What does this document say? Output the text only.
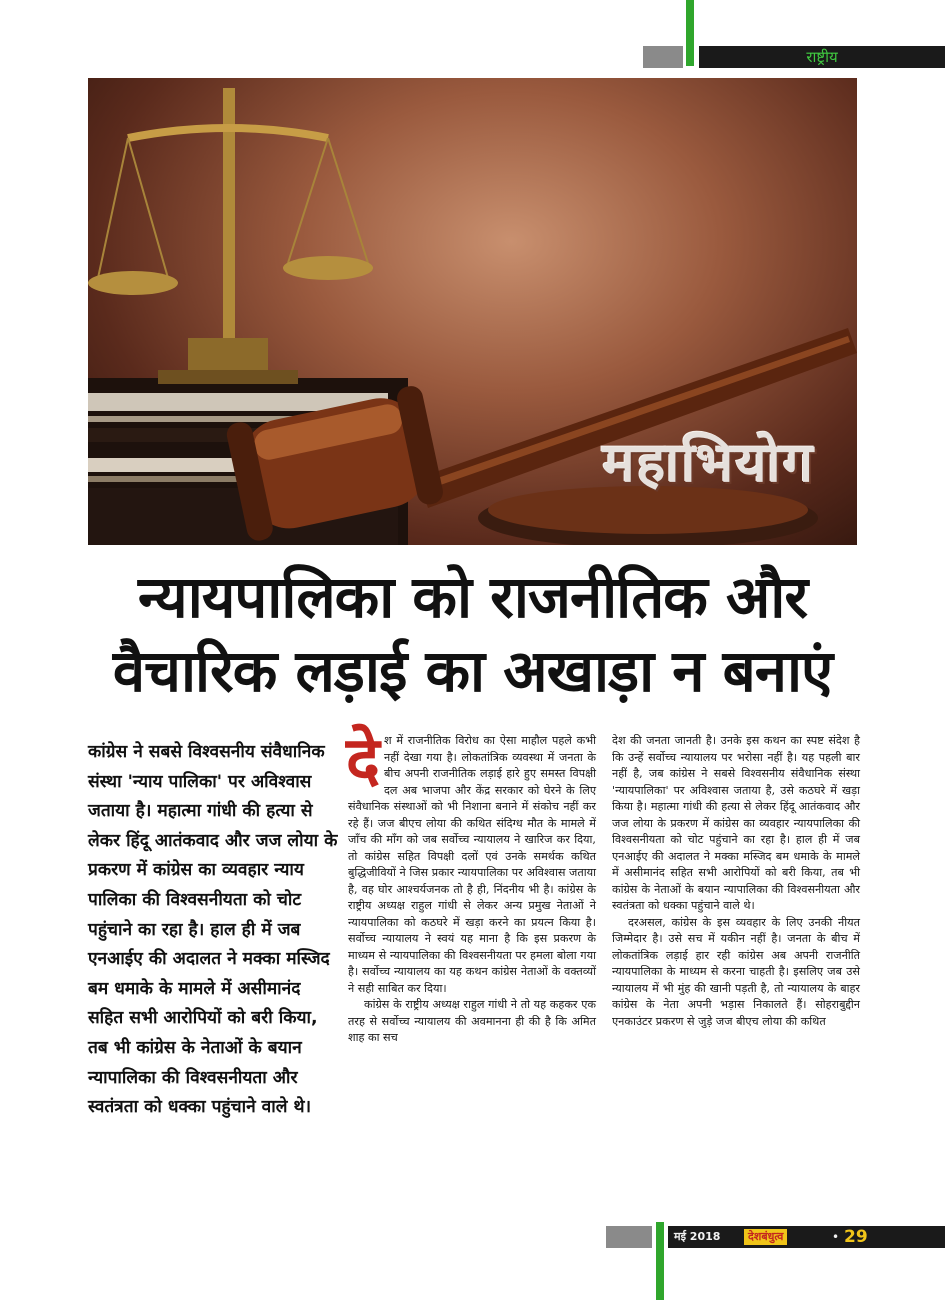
राष्ट्रीय
महाभियोग
न्यायपालिका को राजनीतिक और
वैचारिक लड़ाई का अखाड़ा न बनाएं
कांग्रेस ने सबसे विश्वसनीय संवैधानिक संस्था 'न्याय पालिका' पर अविश्वास जताया है। महात्मा गांधी की हत्या से लेकर हिंदू आतंकवाद और जज लोया के प्रकरण में कांग्रेस का व्यवहार न्याय पालिका की विश्वसनीयता को चोट पहुंचाने का रहा है। हाल ही में जब एनआईए की अदालत ने मक्का मस्जिद बम धमाके के मामले में असीमानंद सहित सभी आरोपियों को बरी किया, तब भी कांग्रेस के नेताओं के बयान न्यापालिका की विश्वसनीयता और स्वतंत्रता को धक्का पहुंचाने वाले थे।

देश में राजनीतिक विरोध का ऐसा माहौल पहले कभी नहीं देखा गया है। लोकतांत्रिक व्यवस्था में जनता के बीच अपनी राजनीतिक लड़ाई हारे हुए समस्त विपक्षी दल अब भाजपा और केंद्र सरकार को घेरने के लिए संवैधानिक संस्थाओं को भी निशाना बनाने में संकोच नहीं कर रहे हैं। जज बीएच लोया की कथित संदिग्ध मौत के मामले में जाँच की माँग को जब सर्वोच्च न्यायालय ने खारिज कर दिया, तो कांग्रेस सहित विपक्षी दलों एवं उनके समर्थक कथित बुद्धिजीवियों ने जिस प्रकार न्यायपालिका पर अविश्वास जताया है, वह घोर आश्चर्यजनक तो है ही, निंदनीय भी है। कांग्रेस के राष्ट्रीय अध्यक्ष राहुल गांधी से लेकर अन्य प्रमुख नेताओं ने न्यायपालिका को कठघरे में खड़ा करने का प्रयत्न किया है। सर्वोच्च न्यायालय ने स्वयं यह माना है कि इस प्रकरण के माध्यम से न्यायपालिका की विश्वसनीयता पर हमला बोला गया है। सर्वोच्च न्यायालय का यह कथन कांग्रेस नेताओं के वक्तव्यों ने सही साबित कर दिया।

कांग्रेस के राष्ट्रीय अध्यक्ष राहुल गांधी ने तो यह कहकर एक तरह से सर्वोच्च न्यायालय की अवमानना ही की है कि अमित शाह का सच

देश की जनता जानती है। उनके इस कथन का स्पष्ट संदेश है कि उन्हें सर्वोच्च न्यायालय पर भरोसा नहीं है। यह पहली बार नहीं है, जब कांग्रेस ने सबसे विश्वसनीय संवैधानिक संस्था 'न्यायपालिका' पर अविश्वास जताया है, उसे कठघरे में खड़ा किया है। महात्मा गांधी की हत्या से लेकर हिंदू आतंकवाद और जज लोया के प्रकरण में कांग्रेस का व्यवहार न्यायपालिका की विश्वसनीयता को चोट पहुंचाने का रहा है। हाल ही में जब एनआईए की अदालत ने मक्का मस्जिद बम धमाके के मामले में असीमानंद सहित सभी आरोपियों को बरी किया, तब भी कांग्रेस के नेताओं के बयान न्यापालिका की विश्वसनीयता और स्वतंत्रता को धक्का पहुंचाने वाले थे।

दरअसल, कांग्रेस के इस व्यवहार के लिए उनकी नीयत जिम्मेदार है। उसे सच में यकीन नहीं है। जनता के बीच में लोकतांत्रिक लड़ाई हार रही कांग्रेस अब अपनी राजनीति न्यायपालिका के माध्यम से करना चाहती है। इसलिए जब उसे न्यायालय में भी मुंह की खानी पड़ती है, तो न्यायालय के बाहर कांग्रेस के नेता अपनी भड़ास निकालते हैं। सोहराबुद्दीन एनकाउंटर प्रकरण से जुड़े जज बीएच लोया की कथित

मई 2018	देशबंधुत्व	• 29
